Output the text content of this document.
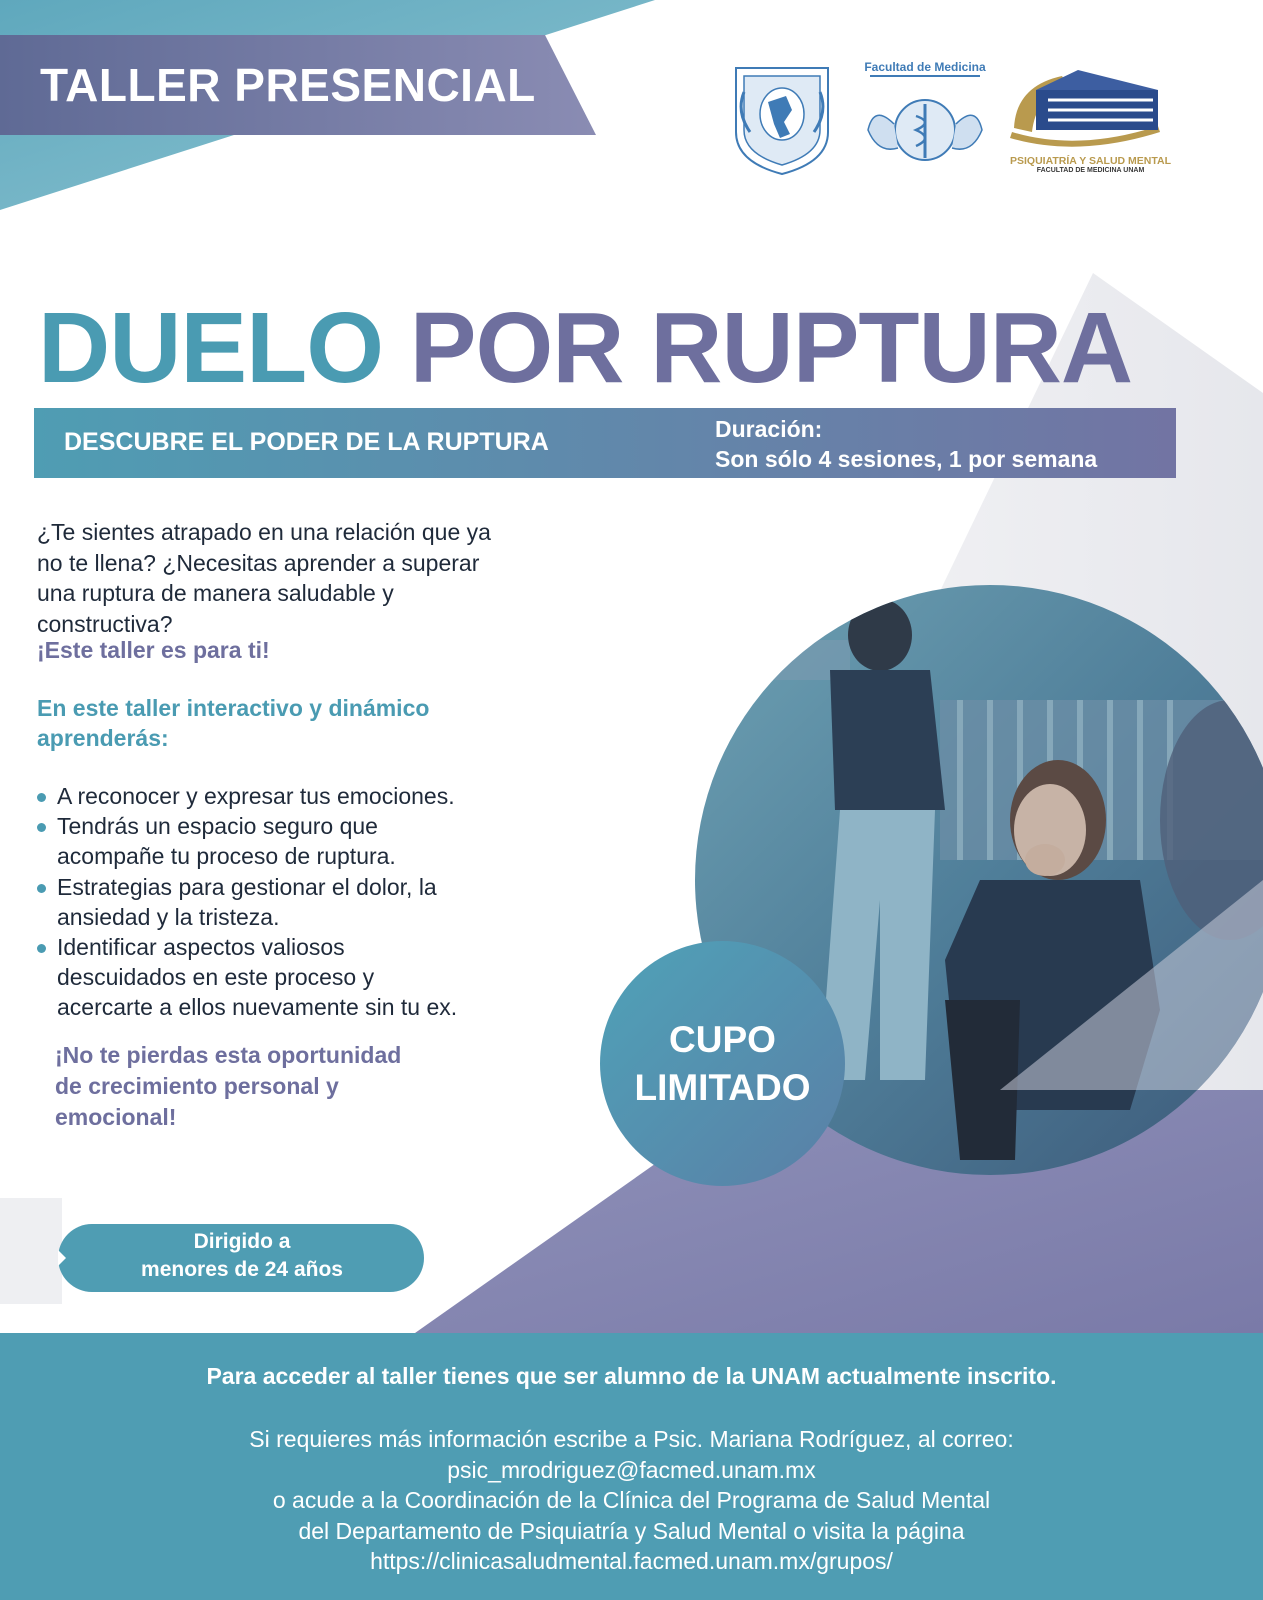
TALLER PRESENCIAL	Facultad de Medicina
PSIQUIATRÍA Y SALUD MENTAL
FACULTAD DE MEDICINA UNAM
DUELO POR RUPTURA
DESCUBRE EL PODER DE LA RUPTURA	Duración:
Son sólo 4 sesiones, 1 por semana
¿Te sientes atrapado en una relación que ya
no te llena? ¿Necesitas aprender a superar
una ruptura de manera saludable y
constructiva?
¡Este taller es para ti!
En este taller interactivo y dinámico
aprenderás:
A reconocer y expresar tus emociones.
Tendrás un espacio seguro que
acompañe tu proceso de ruptura.
Estrategias para gestionar el dolor, la
ansiedad y la tristeza.
Identificar aspectos valiosos
descuidados en este proceso y
acercarte a ellos nuevamente sin tu ex.
¡No te pierdas esta oportunidad
de crecimiento personal y
emocional!
CUPO
LIMITADO
Dirigido a
menores de 24 años
Para acceder al taller tienes que ser alumno de la UNAM actualmente inscrito.
Si requieres más información escribe a Psic. Mariana Rodríguez, al correo:
psic_mrodriguez@facmed.unam.mx
o acude a la Coordinación de la Clínica del Programa de Salud Mental
del Departamento de Psiquiatría y Salud Mental o visita la página
https://clinicasaludmental.facmed.unam.mx/grupos/
